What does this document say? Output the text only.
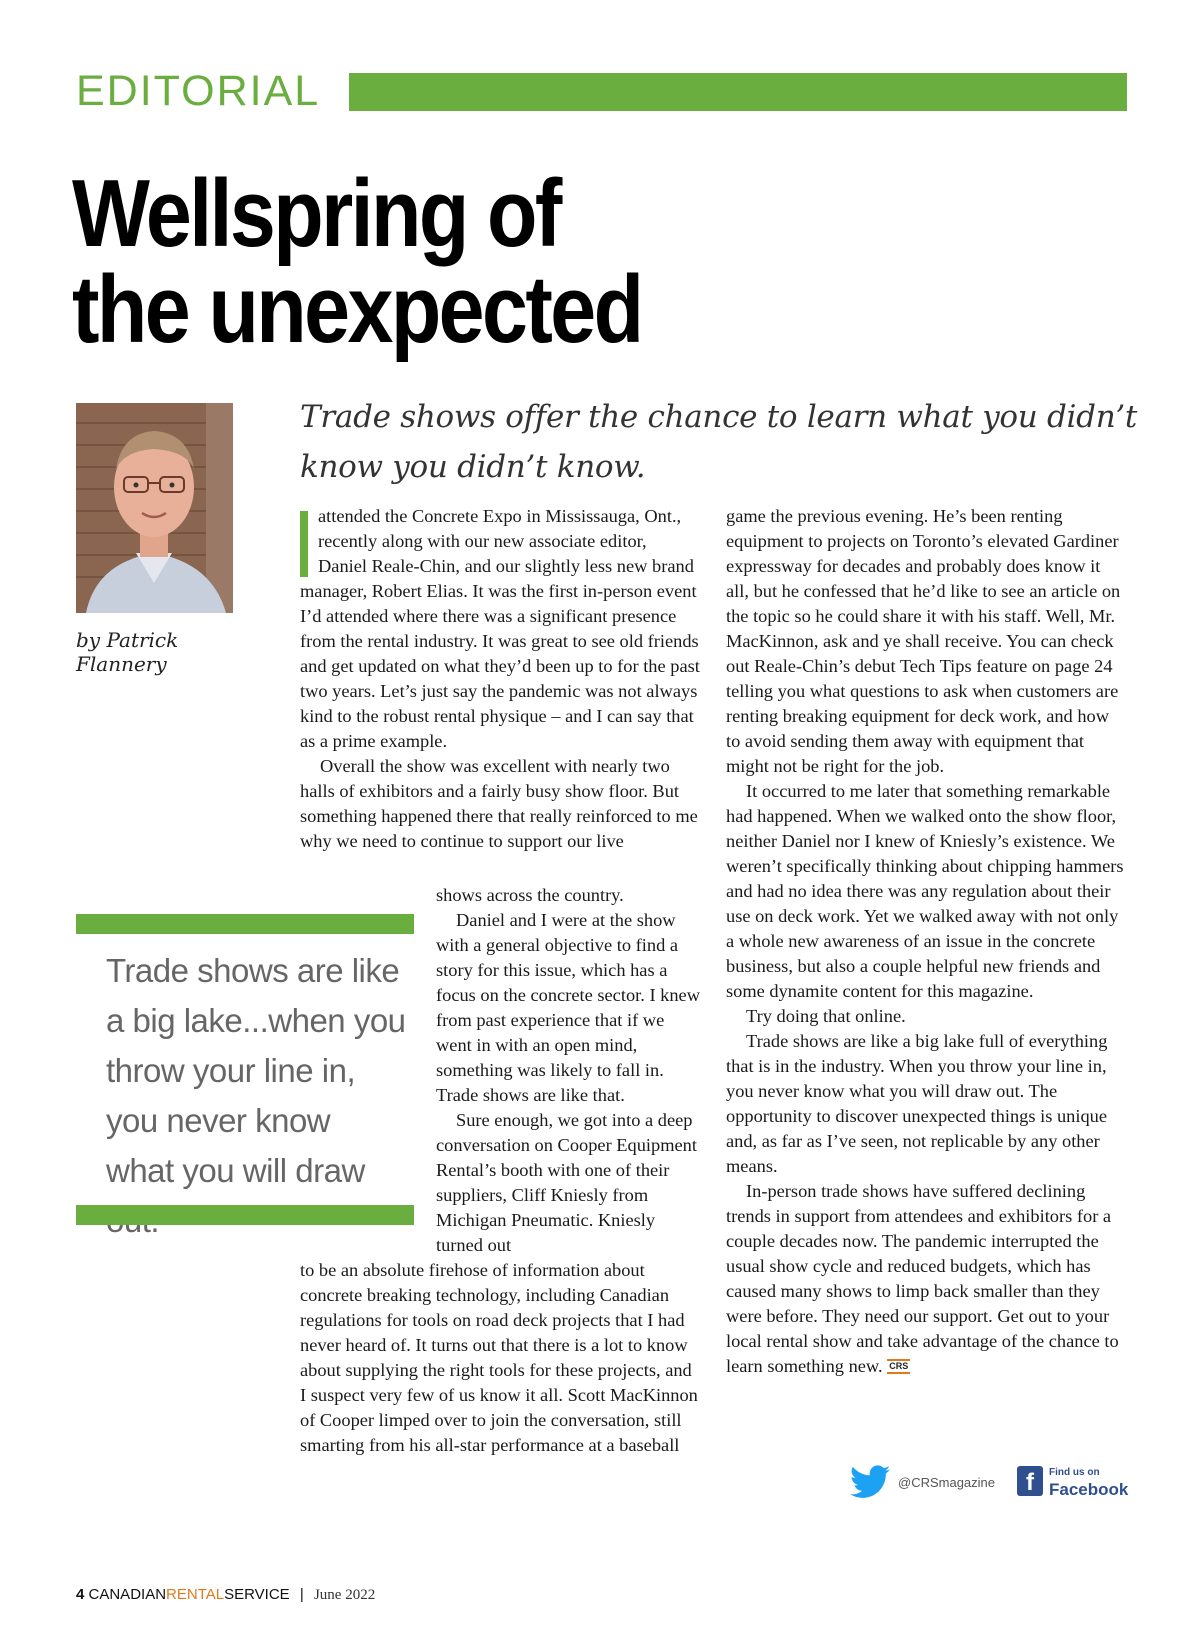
EDITORIAL
Wellspring of
the unexpected
by Patrick Flannery
Trade shows offer the chance to learn what you didn’t know you didn’t know.

attended the Concrete Expo in Mississauga, Ont., recently along with our new associate editor, Daniel Reale-Chin, and our slightly less new brand manager, Robert Elias. It was the first in-person event I’d attended where there was a significant presence from the rental industry. It was great to see old friends and get updated on what they’d been up to for the past two years. Let’s just say the pandemic was not always kind to the robust rental physique – and I can say that as a prime example.

Overall the show was excellent with nearly two halls of exhibitors and a fairly busy show floor. But something happened there that really reinforced to me why we need to continue to support our live

shows across the country.

Daniel and I were at the show with a general objective to find a story for this issue, which has a focus on the concrete sector. I knew from past experience that if we went in with an open mind, something was likely to fall in. Trade shows are like that.

Sure enough, we got into a deep conversation on Cooper Equipment Rental’s booth with one of their suppliers, Cliff Kniesly from Michigan Pneumatic. Kniesly turned out

to be an absolute firehose of information about concrete breaking technology, including Canadian regulations for tools on road deck projects that I had never heard of. It turns out that there is a lot to know about supplying the right tools for these projects, and I suspect very few of us know it all. Scott MacKinnon of Cooper limped over to join the conversation, still smarting from his all-star performance at a baseball

Trade shows are like a big lake...when you throw your line in, you never know what you will draw

game the previous evening. He’s been renting equipment to projects on Toronto’s elevated Gardiner expressway for decades and probably does know it all, but he confessed that he’d like to see an article on the topic so he could share it with his staff. Well, Mr. MacKinnon, ask and ye shall receive. You can check out Reale-Chin’s debut Tech Tips feature on page 24 telling you what questions to ask when customers are renting breaking equipment for deck work, and how to avoid sending them away with equipment that might not be right for the job.

It occurred to me later that something remarkable had happened. When we walked onto the show floor, neither Daniel nor I knew of Kniesly’s existence. We weren’t specifically thinking about chipping hammers and had no idea there was any regulation about their use on deck work. Yet we walked away with not only a whole new awareness of an issue in the concrete business, but also a couple helpful new friends and some dynamite content for this magazine.

Try doing that online.

Trade shows are like a big lake full of everything that is in the industry. When you throw your line in, you never know what you will draw out. The opportunity to discover unexpected things is unique and, as far as I’ve seen, not replicable by any other means.

In-person trade shows have suffered declining trends in support from attendees and exhibitors for a couple decades now. The pandemic interrupted the usual show cycle and reduced budgets, which has caused many shows to limp back smaller than they were before. They need our support. Get out to your local rental show and take advantage of the chance to learn something new. CRS

@CRSmagazine	f	Find us on
Facebook
4 CANADIANRENTALSERVICE | June 2022
